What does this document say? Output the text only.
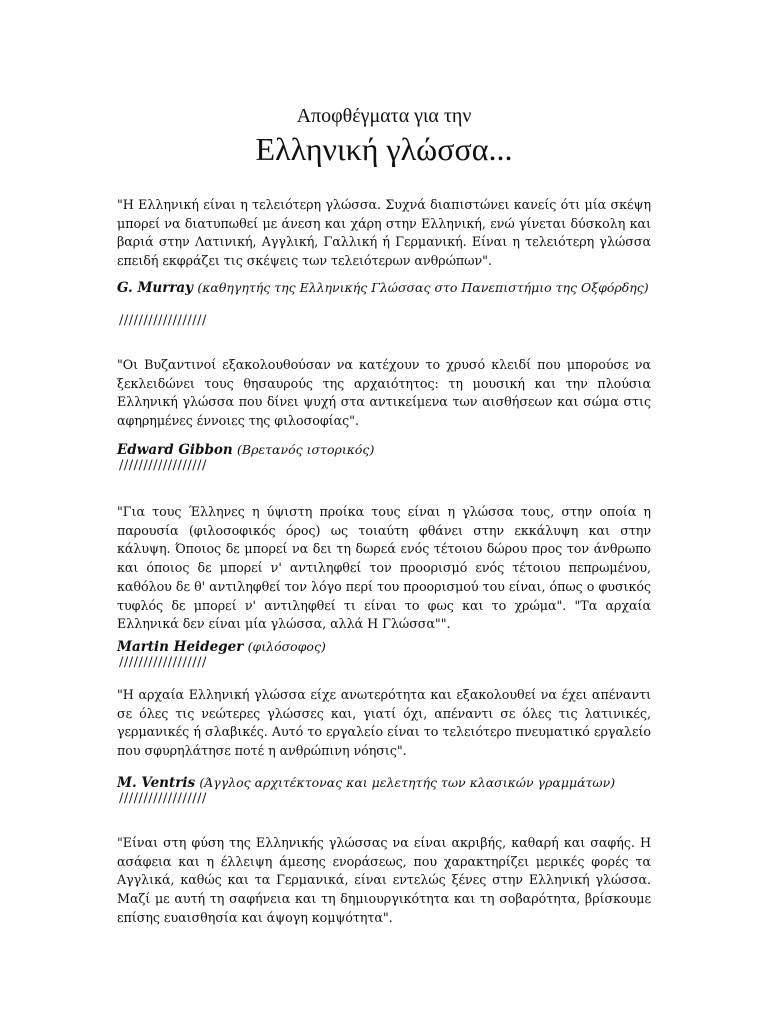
Αποφθέγματα για την
Ελληνική γλώσσα...

"Η Ελληνική είναι η τελειότερη γλώσσα. Συχνά διαπιστώνει κανείς ότι μία σκέψη μπορεί να διατυπωθεί με άνεση και χάρη στην Ελληνική, ενώ γίνεται δύσκολη και βαριά στην Λατινική, Αγγλική, Γαλλική ή Γερμανική. Είναι η τελειότερη γλώσσα επειδή εκφράζει τις σκέψεις των τελειότερων ανθρώπων".

G. Murray (καθηγητής της Ελληνικής Γλώσσας στο Πανεπιστήμιο της Οξφόρδης)

//////////////////

"Οι Βυζαντινοί εξακολουθούσαν να κατέχουν το χρυσό κλειδί που μπορούσε να ξεκλειδώνει τους θησαυρούς της αρχαιότητος: τη μουσική και την πλούσια Ελληνική γλώσσα που δίνει ψυχή στα αντικείμενα των αισθήσεων και σώμα στις αφηρημένες έννοιες της φιλοσοφίας".

Edward Gibbon (Βρετανός ιστορικός)

//////////////////

"Για τους Έλληνες η ύψιστη προίκα τους είναι η γλώσσα τους, στην οποία η παρουσία (φιλοσοφικός όρος) ως τοιαύτη φθάνει στην εκκάλυψη και στην κάλυψη. Όποιος δε μπορεί να δει τη δωρεά ενός τέτοιου δώρου προς τον άνθρωπο και όποιος δε μπορεί ν' αντιληφθεί τον προορισμό ενός τέτοιου πεπρωμένου, καθόλου δε θ' αντιληφθεί τον λόγο περί του προορισμού του είναι, όπως ο φυσικός τυφλός δε μπορεί ν' αντιληφθεί τι είναι το φως και το χρώμα". "Τα αρχαία Ελληνικά δεν είναι μία γλώσσα, αλλά Η Γλώσσα"".

Martin Heideger (φιλόσοφος)

//////////////////

"Η αρχαία Ελληνική γλώσσα είχε ανωτερότητα και εξακολουθεί να έχει απέναντι σε όλες τις νεώτερες γλώσσες και, γιατί όχι, απέναντι σε όλες τις λατινικές, γερμανικές ή σλαβικές. Αυτό το εργαλείο είναι το τελειότερο πνευματικό εργαλείο που σφυρηλάτησε ποτέ η ανθρώπινη νόησις".

M. Ventris (Άγγλος αρχιτέκτονας και μελετητής των κλασικών γραμμάτων)

//////////////////

"Είναι στη φύση της Ελληνικής γλώσσας να είναι ακριβής, καθαρή και σαφής. Η ασάφεια και η έλλειψη άμεσης ενοράσεως, που χαρακτηρίζει μερικές φορές τα Αγγλικά, καθώς και τα Γερμανικά, είναι εντελώς ξένες στην Ελληνική γλώσσα. Μαζί με αυτή τη σαφήνεια και τη δημιουργικότητα και τη σοβαρότητα, βρίσκουμε επίσης ευαισθησία και άψογη κομψότητα".
